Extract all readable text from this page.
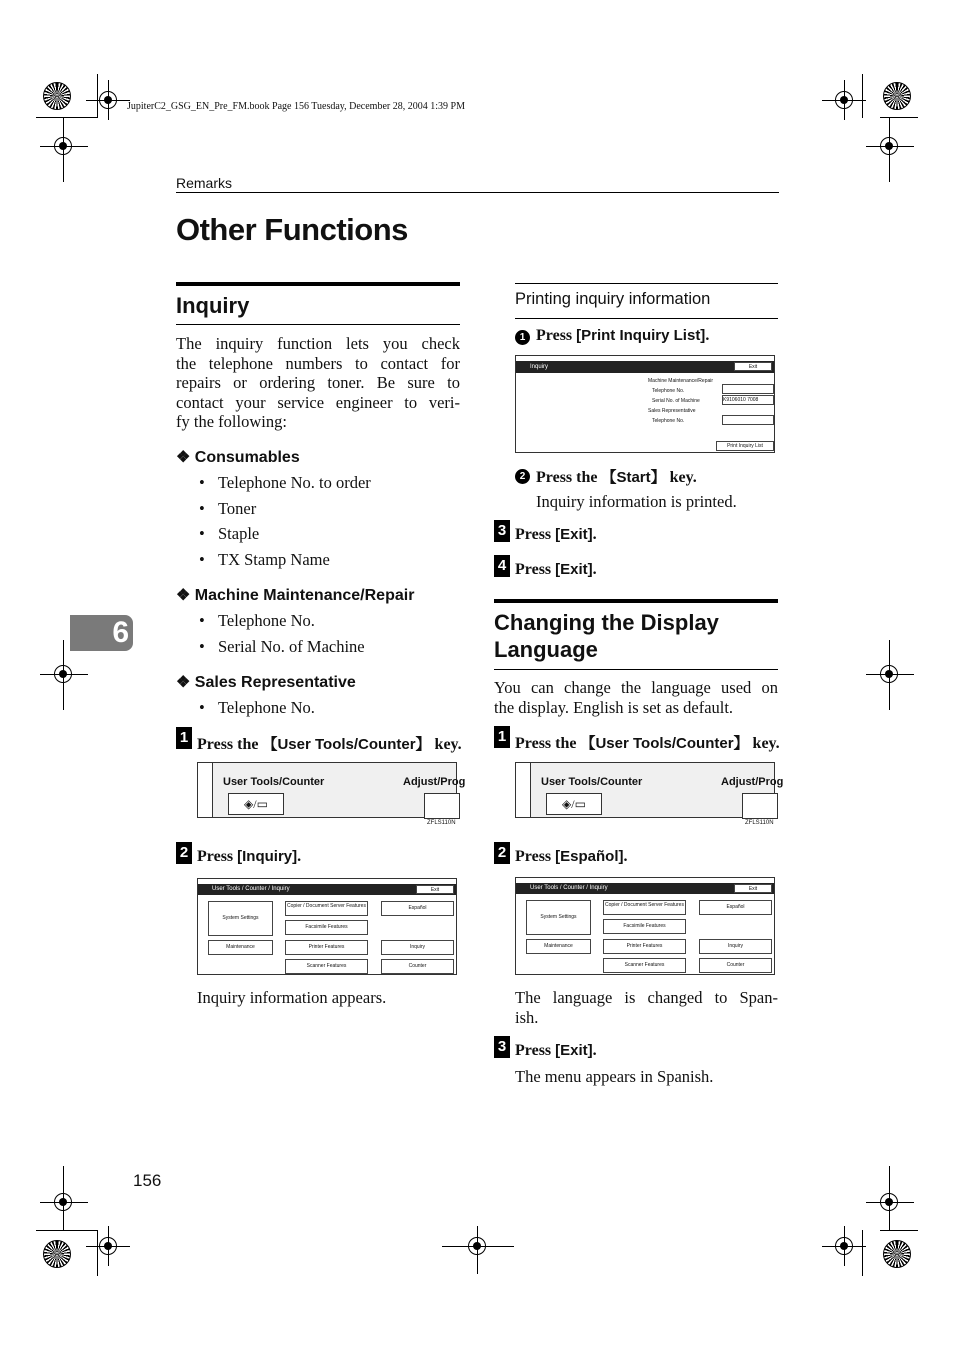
JupiterC2_GSG_EN_Pre_FM.book Page 156 Tuesday, December 28, 2004 1:39 PM
Remarks
6
Other Functions
Inquiry
The inquiry function lets you check
the telephone numbers to contact for
repairs or ordering toner. Be sure to
contact your service engineer to veri-
fy the following:
❖ Consumables
• Telephone No. to order
• Toner
• Staple
• TX Stamp Name
❖ Machine Maintenance/Repair
• Telephone No.
• Serial No. of Machine
❖ Sales Representative
• Telephone No.
1 Press the 【User Tools/Counter】 key.
User Tools/Counter	Adjust/Prog
◈/▭
ZFLS110N
2 Press [Inquiry].
User Tools / Counter / Inquiry	Exit
System Settings
Copier / Document Server Features	Español
Facsimile Features
Maintenance	Printer Features	Inquiry
Scanner Features	Counter
Inquiry information appears.
Printing inquiry information
1 Press [Print Inquiry List].
Inquiry	Exit
Machine Maintenance/Repair
Telephone No.
Serial No. of Machine	K9106010 7008
Sales Representative
Telephone No.
Print Inquiry List
2 Press the 【Start】 key.
Inquiry information is printed.
3 Press [Exit].
4 Press [Exit].
Changing the Display
Language
You can change the language used on
the display. English is set as default.
1 Press the 【User Tools/Counter】 key.
User Tools/Counter	Adjust/Prog
◈/▭
ZFLS110N
2 Press [Español].
User Tools / Counter / Inquiry	Exit
System Settings
Copier / Document Server Features	Español
Facsimile Features
Maintenance	Printer Features	Inquiry
Scanner Features	Counter
The language is changed to Span-
ish.
3 Press [Exit].
The menu appears in Spanish.
156
